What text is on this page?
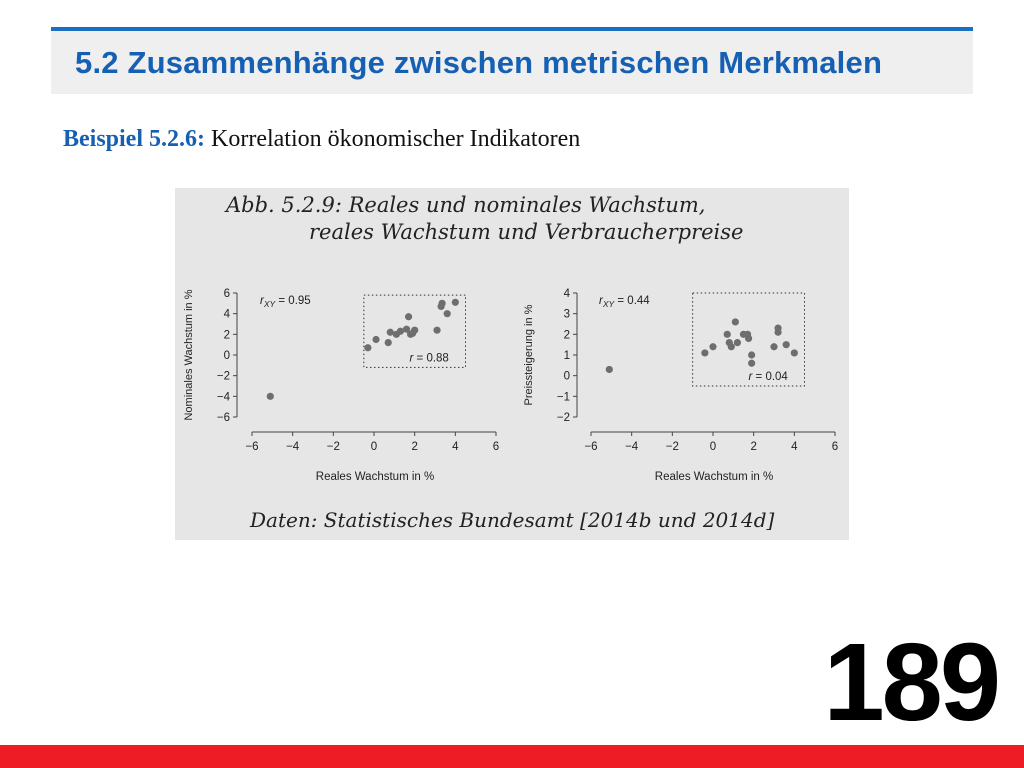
5.2 Zusammenhänge zwischen metrischen Merkmalen
Beispiel 5.2.6: Korrelation ökonomischer Indikatoren
Abb. 5.2.9: Reales und nominales Wachstum,
reales Wachstum und Verbraucherpreise
−6
−4
−2
0
2
4
6
−6 −4 −2	0	2	4	6
Reales Wachstum in %
Nominales Wachstum in %	$r_{XY} = 0.95$
r = 0.88
−2
−1
0
1
2
3
4
−6 −4 −2	0	2	4	6
Reales Wachstum in %
Preissteigerung in %
$r_{XY} = 0.44$
r = 0.04
Daten: Statistisches Bundesamt [2014b und 2014d]
189
